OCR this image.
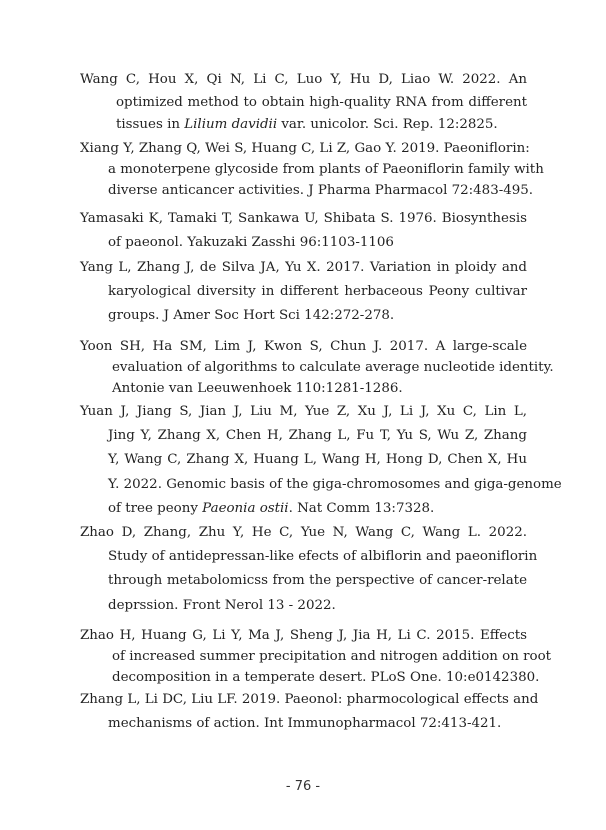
Wang C, Hou X, Qi N, Li C, Luo Y, Hu D, Liao W. 2022. An
optimized method to obtain high-quality RNA from different
tissues in Lilium davidii var. unicolor. Sci. Rep. 12:2825.

Xiang Y, Zhang Q, Wei S, Huang C, Li Z, Gao Y. 2019. Paeoniflorin:
a monoterpene glycoside from plants of Paeoniflorin family with
diverse anticancer activities. J Pharma Pharmacol 72:483-495.

Yamasaki K, Tamaki T, Sankawa U, Shibata S. 1976. Biosynthesis
of paeonol. Yakuzaki Zasshi 96:1103-1106

Yang L, Zhang J, de Silva JA, Yu X. 2017. Variation in ploidy and
karyological diversity in different herbaceous Peony cultivar
groups. J Amer Soc Hort Sci 142:272-278.

Yoon SH, Ha SM, Lim J, Kwon S, Chun J. 2017. A large-scale
evaluation of algorithms to calculate average nucleotide identity.
Antonie van Leeuwenhoek 110:1281-1286.

Yuan J, Jiang S, Jian J, Liu M, Yue Z, Xu J, Li J, Xu C, Lin L,
Jing Y, Zhang X, Chen H, Zhang L, Fu T, Yu S, Wu Z, Zhang
Y, Wang C, Zhang X, Huang L, Wang H, Hong D, Chen X, Hu
Y. 2022. Genomic basis of the giga-chromosomes and giga-genome
of tree peony Paeonia ostii. Nat Comm 13:7328.

Zhao D, Zhang, Zhu Y, He C, Yue N, Wang C, Wang L. 2022.
Study of antidepressan-like efects of albiflorin and paeoniflorin
through metabolomicss from the perspective of cancer-relate
deprssion. Front Nerol 13 - 2022.

Zhao H, Huang G, Li Y, Ma J, Sheng J, Jia H, Li C. 2015. Effects
of increased summer precipitation and nitrogen addition on root
decomposition in a temperate desert. PLoS One. 10:e0142380.

Zhang L, Li DC, Liu LF. 2019. Paeonol: pharmocological effects and
mechanisms of action. Int Immunopharmacol 72:413-421.

- 76 -
